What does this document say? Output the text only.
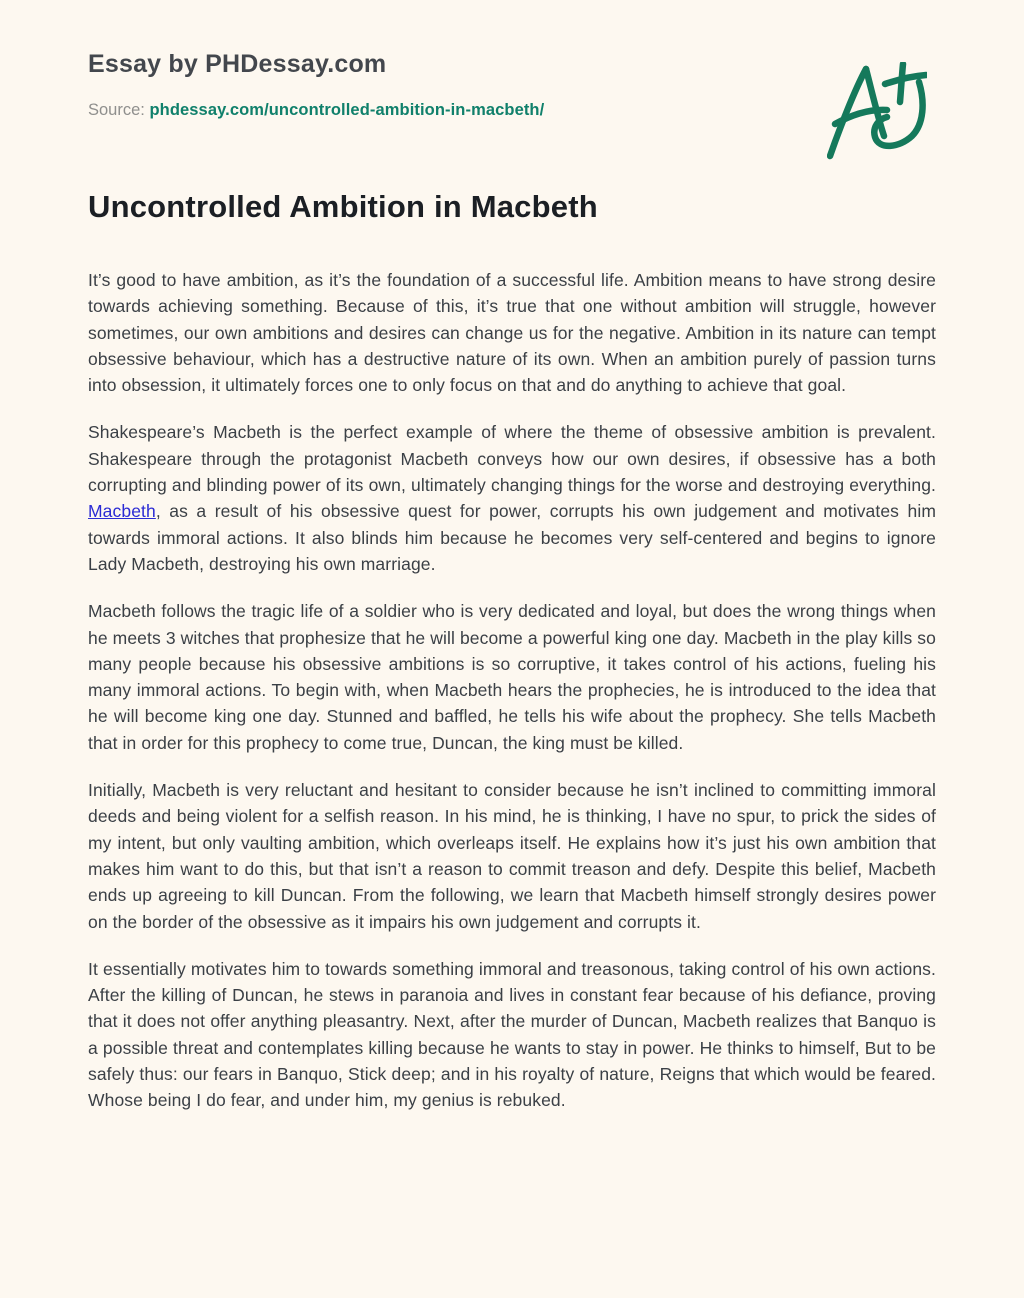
Essay by PHDessay.com
Source: phdessay.com/uncontrolled-ambition-in-macbeth/
Uncontrolled Ambition in Macbeth

It’s good to have ambition, as it’s the foundation of a successful life. Ambition means to have strong desire towards achieving something. Because of this, it’s true that one without ambition will struggle, however sometimes, our own ambitions and desires can change us for the negative. Ambition in its nature can tempt obsessive behaviour, which has a destructive nature of its own. When an ambition purely of passion turns into obsession, it ultimately forces one to only focus on that and do anything to achieve that goal.

Shakespeare’s Macbeth is the perfect example of where the theme of obsessive ambition is prevalent. Shakespeare through the protagonist Macbeth conveys how our own desires, if obsessive has a both corrupting and blinding power of its own, ultimately changing things for the worse and destroying everything. Macbeth, as a result of his obsessive quest for power, corrupts his own judgement and motivates him towards immoral actions. It also blinds him because he becomes very self-centered and begins to ignore Lady Macbeth, destroying his own marriage.

Macbeth follows the tragic life of a soldier who is very dedicated and loyal, but does the wrong things when he meets 3 witches that prophesize that he will become a powerful king one day. Macbeth in the play kills so many people because his obsessive ambitions is so corruptive, it takes control of his actions, fueling his many immoral actions. To begin with, when Macbeth hears the prophecies, he is introduced to the idea that he will become king one day. Stunned and baffled, he tells his wife about the prophecy. She tells Macbeth that in order for this prophecy to come true, Duncan, the king must be killed.

Initially, Macbeth is very reluctant and hesitant to consider because he isn’t inclined to committing immoral deeds and being violent for a selfish reason. In his mind, he is thinking, I have no spur, to prick the sides of my intent, but only vaulting ambition, which overleaps itself. He explains how it’s just his own ambition that makes him want to do this, but that isn’t a reason to commit treason and defy. Despite this belief, Macbeth ends up agreeing to kill Duncan. From the following, we learn that Macbeth himself strongly desires power on the border of the obsessive as it impairs his own judgement and corrupts it.

It essentially motivates him to towards something immoral and treasonous, taking control of his own actions. After the killing of Duncan, he stews in paranoia and lives in constant fear because of his defiance, proving that it does not offer anything pleasantry. Next, after the murder of Duncan, Macbeth realizes that Banquo is a possible threat and contemplates killing because he wants to stay in power. He thinks to himself, But to be safely thus: our fears in Banquo, Stick deep; and in his royalty of nature, Reigns that which would be feared. Whose being I do fear, and under him, my genius is rebuked.
